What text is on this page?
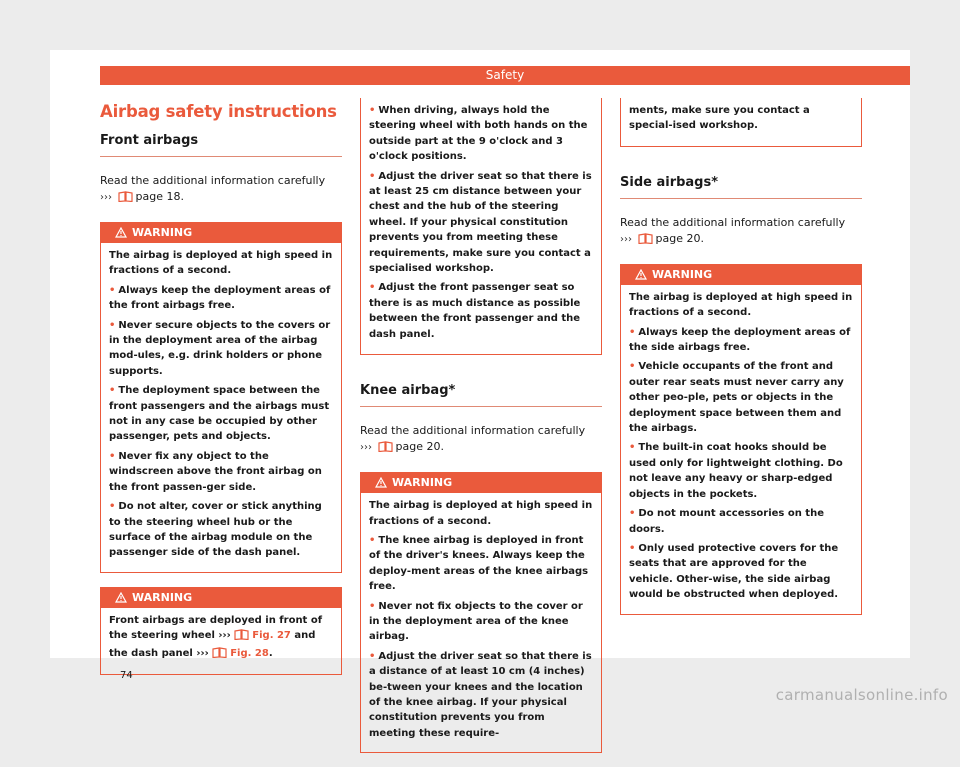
Safety
Airbag safety instructions
Front airbags

Read the additional information carefully
››› page 18.

WARNING

The airbag is deployed at high speed in fractions of a second.

• Always keep the deployment areas of the front airbags free.

• Never secure objects to the covers or in the deployment area of the airbag mod-ules, e.g. drink holders or phone supports.

• The deployment space between the front passengers and the airbags must not in any case be occupied by other passenger, pets and objects.

• Never fix any object to the windscreen above the front airbag on the front passen-ger side.

• Do not alter, cover or stick anything to the steering wheel hub or the surface of the airbag module on the passenger side of the dash panel.

WARNING

Front airbags are deployed in front of the steering wheel ››› Fig. 27 and the dash panel ››› Fig. 28.

• When driving, always hold the steering wheel with both hands on the outside part at the 9 o'clock and 3 o'clock positions.

• Adjust the driver seat so that there is at least 25 cm distance between your chest and the hub of the steering wheel. If your physical constitution prevents you from meeting these requirements, make sure you contact a specialised workshop.

• Adjust the front passenger seat so there is as much distance as possible between the front passenger and the dash panel.

Knee airbag*

Read the additional information carefully
››› page 20.

WARNING

The airbag is deployed at high speed in fractions of a second.

• The knee airbag is deployed in front of the driver's knees. Always keep the deploy-ment areas of the knee airbags free.

• Never not fix objects to the cover or in the deployment area of the knee airbag.

• Adjust the driver seat so that there is a distance of at least 10 cm (4 inches) be-tween your knees and the location of the knee airbag. If your physical constitution prevents you from meeting these require-

ments, make sure you contact a special-ised workshop.

Side airbags*

Read the additional information carefully
››› page 20.

WARNING

The airbag is deployed at high speed in fractions of a second.

• Always keep the deployment areas of the side airbags free.

• Vehicle occupants of the front and outer rear seats must never carry any other peo-ple, pets or objects in the deployment space between them and the airbags.

• The built-in coat hooks should be used only for lightweight clothing. Do not leave any heavy or sharp-edged objects in the pockets.

• Do not mount accessories on the doors.

• Only used protective covers for the seats that are approved for the vehicle. Other-wise, the side airbag would be obstructed when deployed.

74
carmanualsonline.info
